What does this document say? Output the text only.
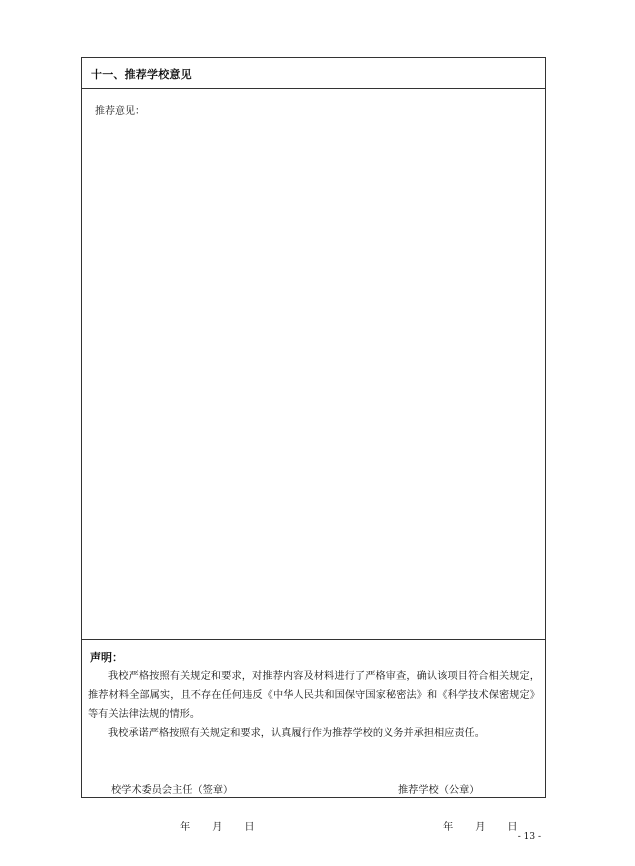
十一、推荐学校意见
推荐意见：
声明：
我校严格按照有关规定和要求，对推荐内容及材料进行了严格审查，确认该项目符合相关规定，推荐材料全部属实，且不存在任何违反《中华人民共和国保守国家秘密法》和《科学技术保密规定》等有关法律法规的情形。
我校承诺严格按照有关规定和要求，认真履行作为推荐学校的义务并承担相应责任。
校学术委员会主任（签章）	推荐学校（公章）
年 月 日	年 月 日
- 13 -
